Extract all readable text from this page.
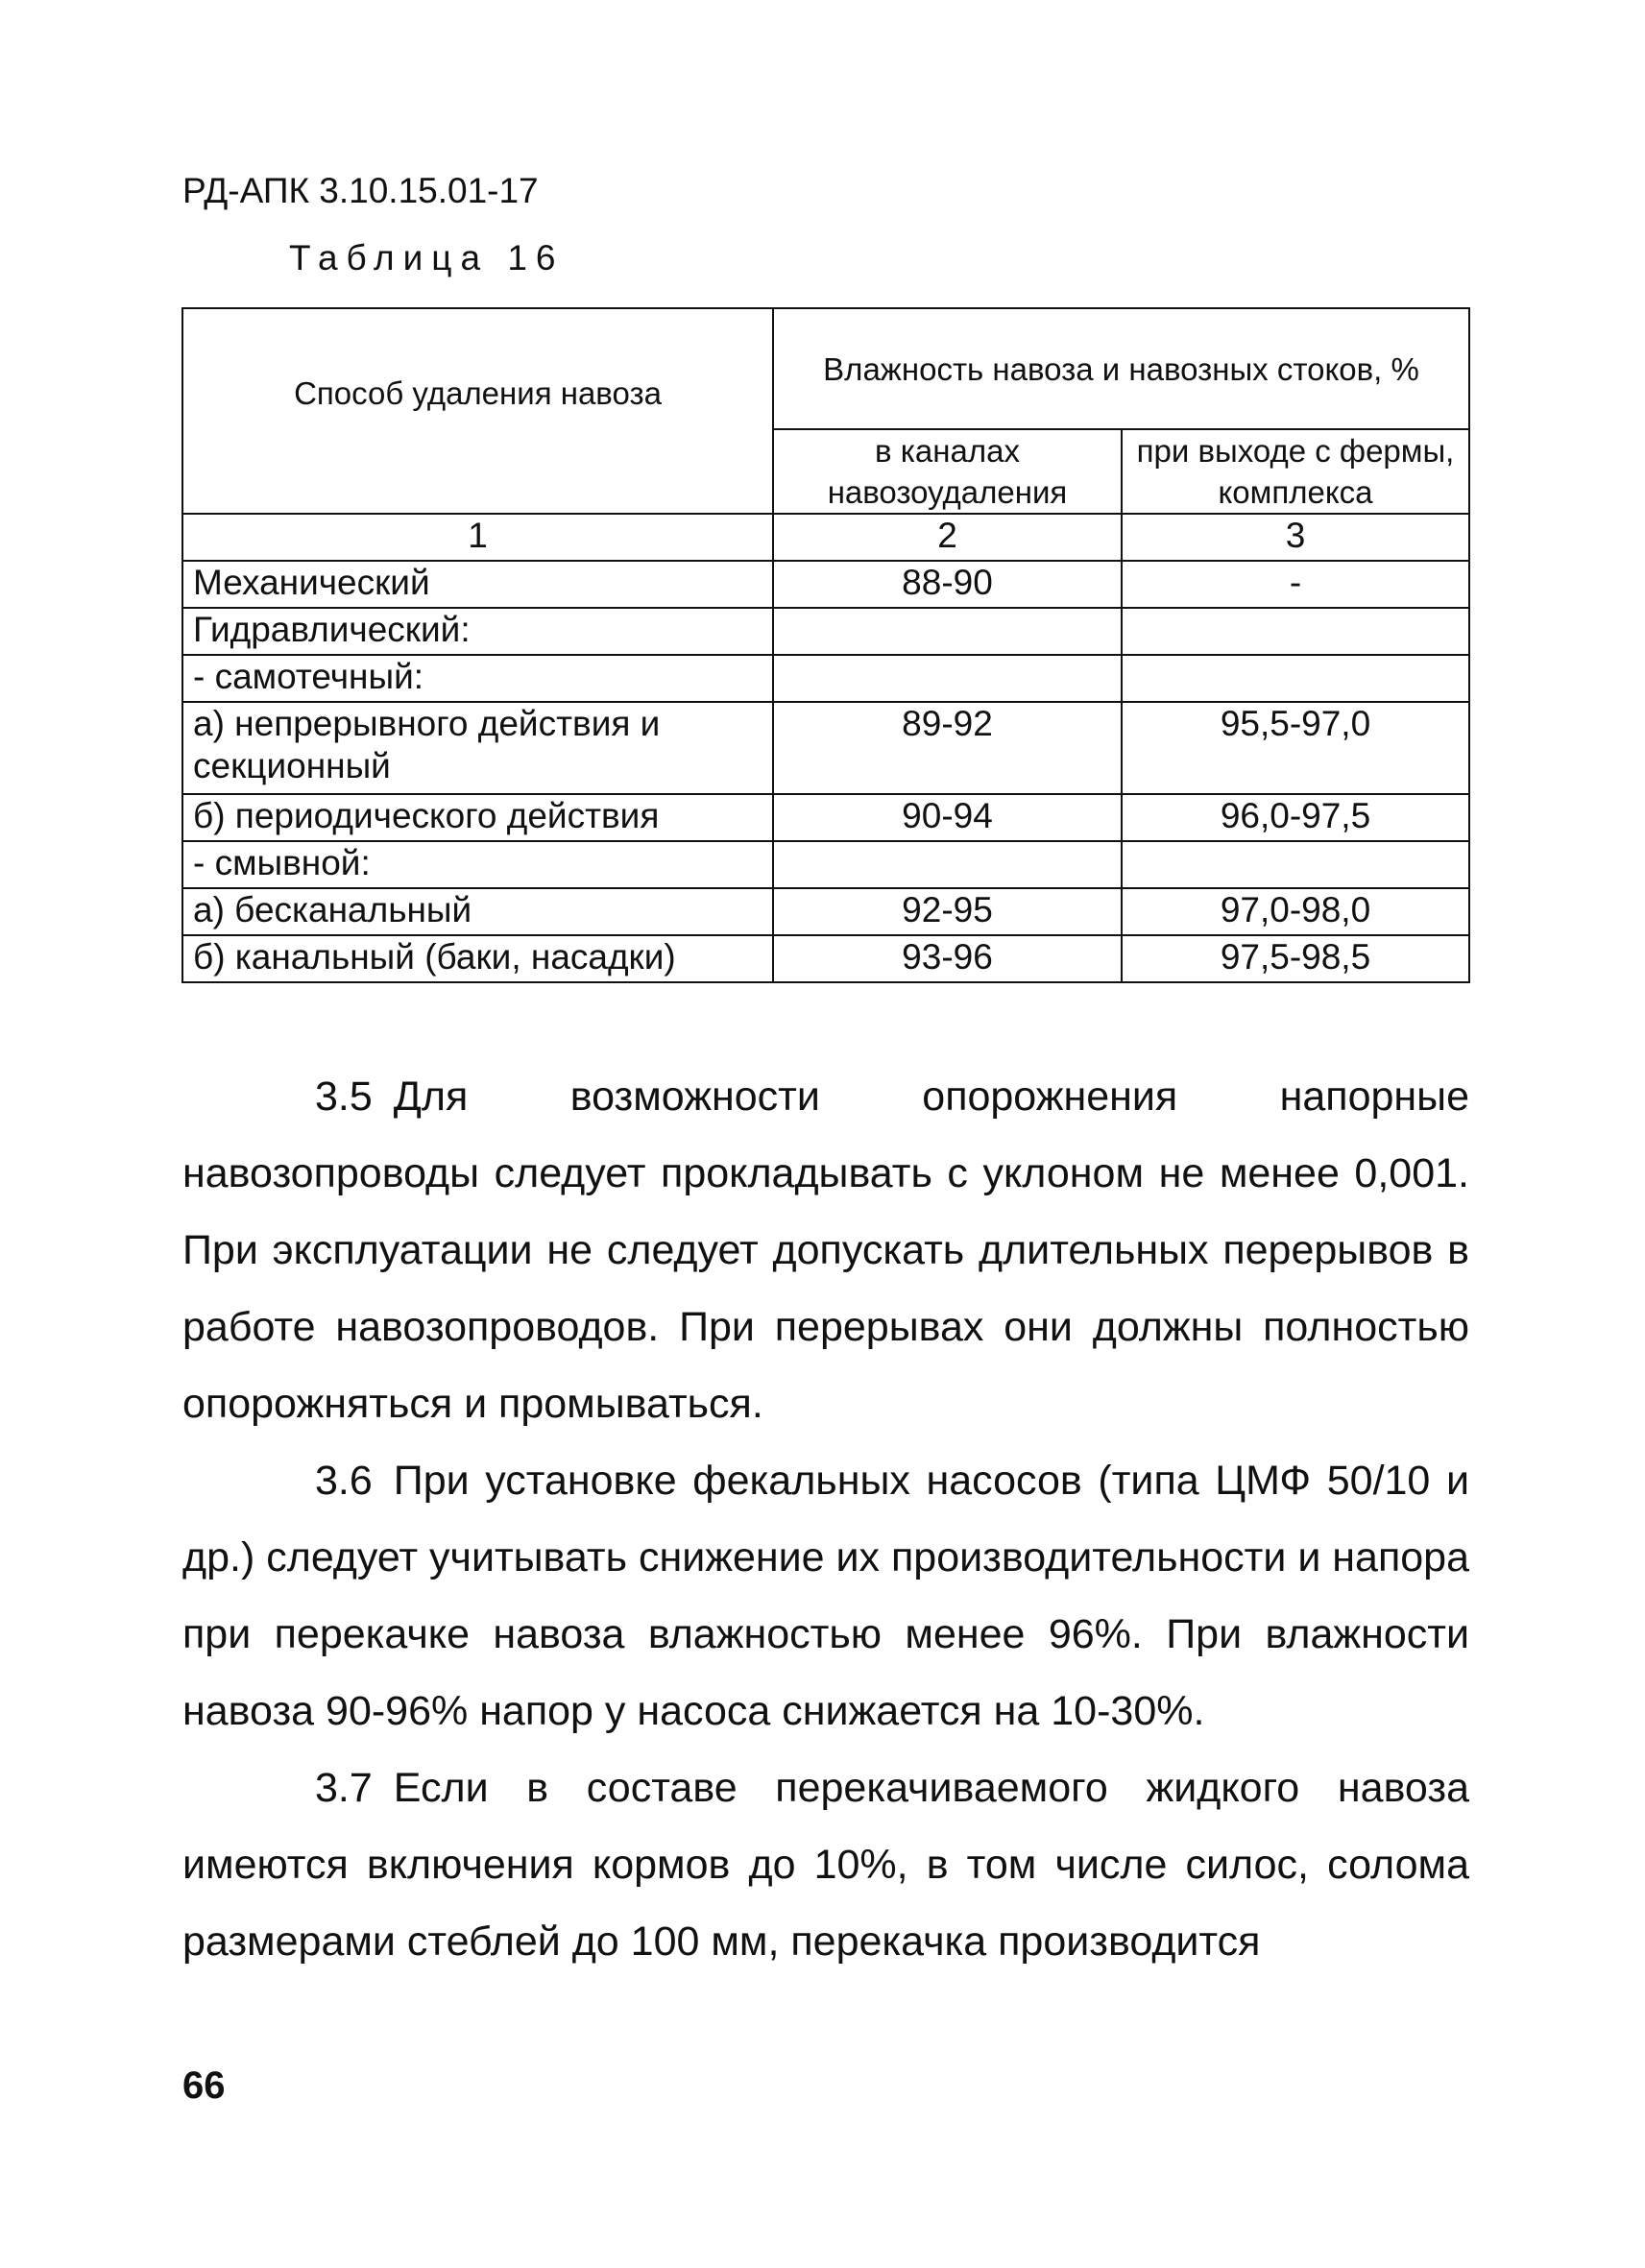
РД-АПК 3.10.15.01-17
Таблица 16
Способ удаления навоза	Влажность навоза и навозных стоков, %	
	в каналах навозоудаления	при выходе с фермы, комплекса
1	2	3
Механический	88-90	-
Гидравлический:		
- самотечный:		
а) непрерывного действия и секционный	89-92	95,5-97,0
б) периодического действия	90-94	96,0-97,5
- смывной:		
а) бесканальный	92-95	97,0-98,0
б) канальный (баки, насадки)	93-96	97,5-98,5

3.5 Для возможности опорожнения напорные навозопроводы следует прокладывать с уклоном не менее 0,001. При эксплуатации не следует допускать длительных перерывов в работе навозопроводов. При перерывах они должны полностью опорожняться и промываться.

3.6 При установке фекальных насосов (типа ЦМФ 50/10 и др.) следует учитывать снижение их производительности и напора при перекачке навоза влажностью менее 96%. При влажности навоза 90-96% напор у насоса снижается на 10-30%.

3.7 Если в составе перекачиваемого жидкого навоза имеются включения кормов до 10%, в том числе силос, солома размерами стеблей до 100 мм, перекачка производится

66
